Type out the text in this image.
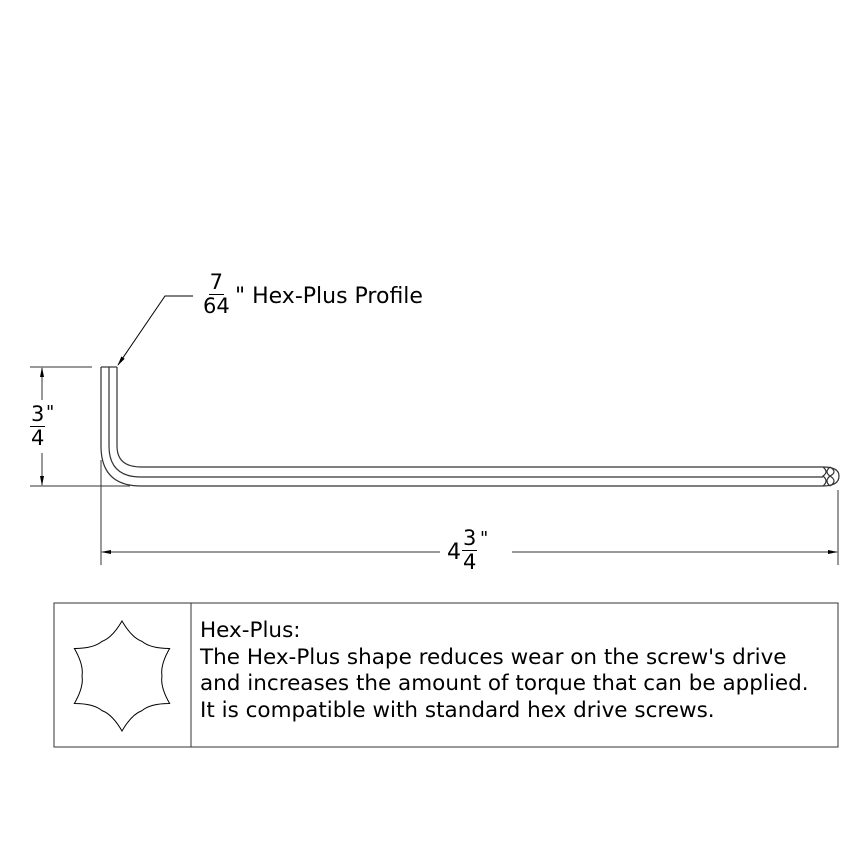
$\frac{7}{64}$ " Hex-Plus Profile
$\frac{3}{4}$ "
$4 \frac{3}{4}$ "
Hex-Plus:
The Hex-Plus shape reduces wear on the screw's drive
and increases the amount of torque that can be applied.
It is compatible with standard hex drive screws.
